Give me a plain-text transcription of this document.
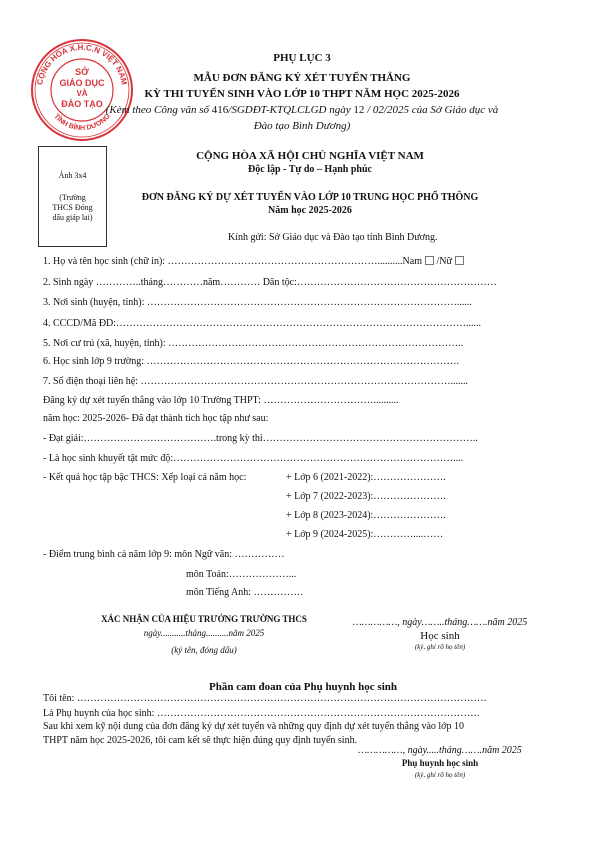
CỘNG HÒA X.H.C.N VIỆT NAM
TỈNH BÌNH DƯƠNG
SỞ
GIÁO DỤC
VÀ
ĐÀO TẠO
PHỤ LỤC 3
MẪU ĐƠN ĐĂNG KÝ XÉT TUYỂN THẲNG
KỲ THI TUYỂN SINH VÀO LỚP 10 THPT NĂM HỌC 2025-2026
(Kèm theo Công văn số 416/SGDĐT-KTQLCLGD ngày 12 / 02/2025 của Sở Giáo dục và
Đào tạo Bình Dương)
Ảnh 3x4
(Trường
THCS Đóng
dấu giáp lai)
CỘNG HÒA XÃ HỘI CHỦ NGHĨA VIỆT NAM
Độc lập - Tự do – Hạnh phúc
ĐƠN ĐĂNG KÝ DỰ XÉT TUYỂN VÀO LỚP 10 TRUNG HỌC PHỔ THÔNG
Năm học 2025-2026
Kính gửi: Sở Giáo dục và Đào tạo tỉnh Bình Dương.
1. Họ và tên học sinh (chữ in): ………………………………………………………..........Nam /Nữ
2. Sinh ngày …………..tháng…………năm………… Dân tộc:……………………………………………………
3. Nơi sinh (huyện, tỉnh): …………………………………………………………………………………......
4. CCCD/Mã ĐD:……………………………………………………………………………………………......
5. Nơi cư trú (xã, huyện, tỉnh): ……………………………………………………………………………..
6. Học sinh lớp 9 trường: ………………………………………………………………………………….
7. Số điện thoại liên hệ: ………………………………………………………………………………….......
Đăng ký dự xét tuyển thẳng vào lớp 10 Trường THPT: ……………………………..........
năm học: 2025-2026- Đã đạt thành tích học tập như sau:
- Đạt giải:………………………………….trong kỳ thi………………………………………………………..
- Là học sinh khuyết tật mức độ:…………………………………………………………………………....
- Kết quả học tập bậc THCS: Xếp loại cả năm học:	+ Lớp 6 (2021-2022):………………….
+ Lớp 7 (2022-2023):………………….
+ Lớp 8 (2023-2024):………………….
+ Lớp 9 (2024-2025):…………....……
- Điểm trung bình cả năm lớp 9: môn Ngữ văn: ……………
môn Toán:………………...
môn Tiếng Anh: ……………
XÁC NHẬN CỦA HIỆU TRƯỞNG TRƯỜNG THCS
ngày...........tháng..........năm 2025
(ký tên, đóng dấu)
……………, ngày……..tháng…….năm 2025
Học sinh
(ký, ghi rõ họ tên)
Phần cam đoan của Phụ huynh học sinh
Tôi tên: ……………………………………………………………………………………………………………
Là Phụ huynh của học sinh: …………………………………………………………………………………….
Sau khi xem kỹ nội dung của đơn đăng ký dự xét tuyển và những quy định dự xét tuyển thẳng vào lớp 10
THPT năm học 2025-2026, tôi cam kết sẽ thực hiện đúng quy định tuyển sinh.
……………, ngày.....tháng…….năm 2025
Phụ huynh học sinh
(ký, ghi rõ họ tên)
